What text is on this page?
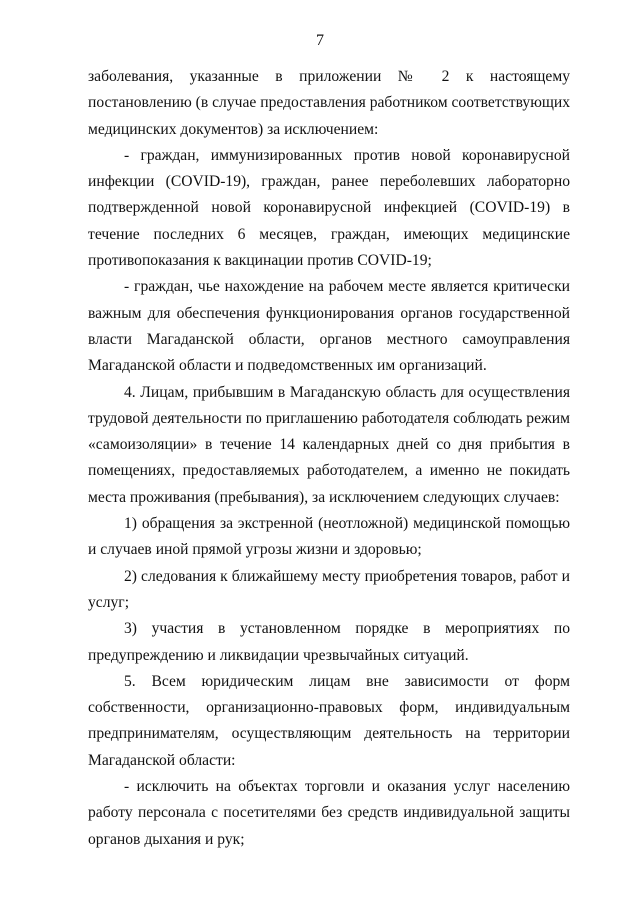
7

заболевания, указанные в приложении № 2 к настоящему постановлению (в случае предоставления работником соответствующих медицинских документов) за исключением:

- граждан, иммунизированных против новой коронавирусной инфекции (COVID-19), граждан, ранее переболевших лабораторно подтвержденной новой коронавирусной инфекцией (COVID-19) в течение последних 6 месяцев, граждан, имеющих медицинские противопоказания к вакцинации против COVID-19;

- граждан, чье нахождение на рабочем месте является критически важным для обеспечения функционирования органов государственной власти Магаданской области, органов местного самоуправления Магаданской области и подведомственных им организаций.

4. Лицам, прибывшим в Магаданскую область для осуществления трудовой деятельности по приглашению работодателя соблюдать режим «самоизоляции» в течение 14 календарных дней со дня прибытия в помещениях, предоставляемых работодателем, а именно не покидать места проживания (пребывания), за исключением следующих случаев:

1) обращения за экстренной (неотложной) медицинской помощью и случаев иной прямой угрозы жизни и здоровью;

2) следования к ближайшему месту приобретения товаров, работ и услуг;

3) участия в установленном порядке в мероприятиях по предупреждению и ликвидации чрезвычайных ситуаций.

5. Всем юридическим лицам вне зависимости от форм собственности, организационно-правовых форм, индивидуальным предпринимателям, осуществляющим деятельность на территории Магаданской области:

- исключить на объектах торговли и оказания услуг населению работу персонала с посетителями без средств индивидуальной защиты органов дыхания и рук;
